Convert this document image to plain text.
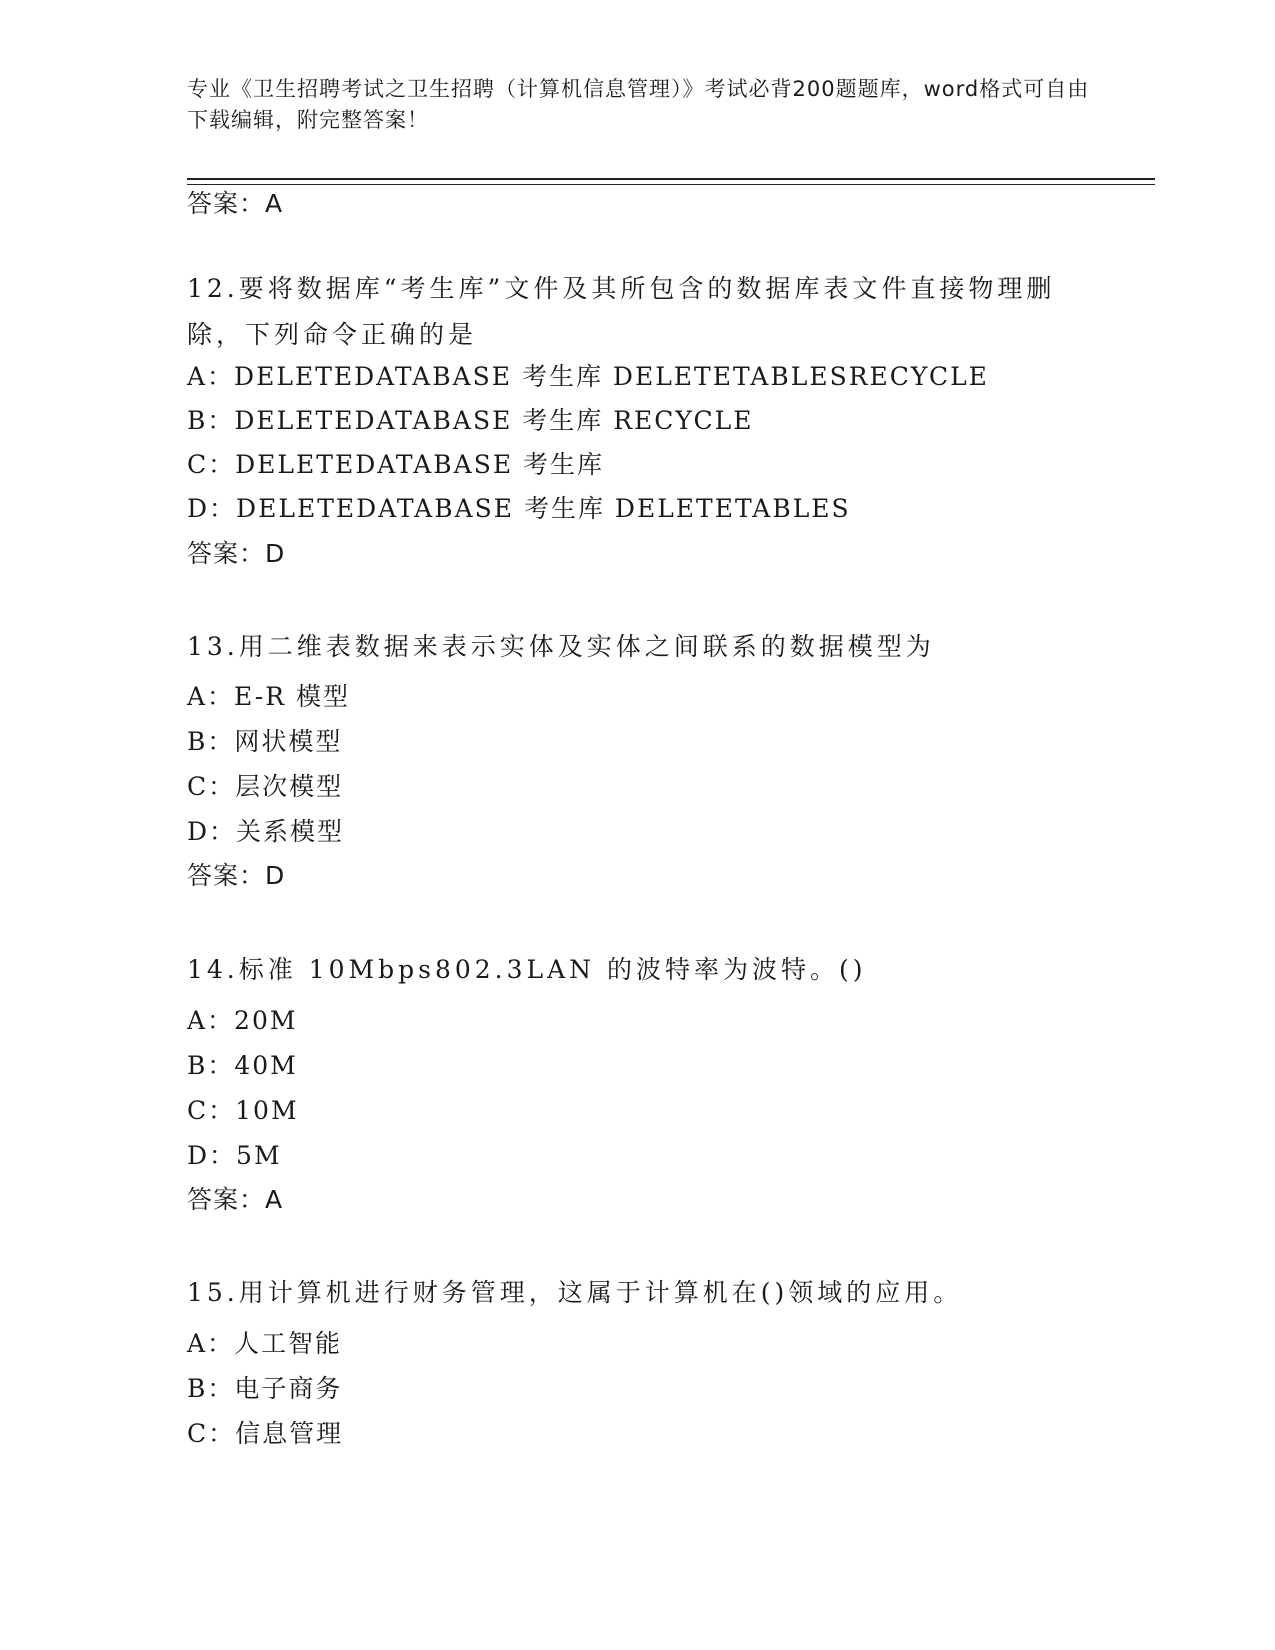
专业《卫生招聘考试之卫生招聘（计算机信息管理）》考试必背200题题库，word格式可自由下载编辑，附完整答案！

答案：A

12.要将数据库“考生库”文件及其所包含的数据库表文件直接物理删除，下列命令正确的是

A：DELETEDATABASE 考生库 DELETETABLESRECYCLE

B：DELETEDATABASE 考生库 RECYCLE

C：DELETEDATABASE 考生库

D：DELETEDATABASE 考生库 DELETETABLES

答案：D

13.用二维表数据来表示实体及实体之间联系的数据模型为

A：E-R 模型

B：网状模型

C：层次模型

D：关系模型

答案：D

14.标准 10Mbps802.3LAN 的波特率为波特。()

A：20M

B：40M

C：10M

D：5M

答案：A

15.用计算机进行财务管理，这属于计算机在()领域的应用。

A：人工智能

B：电子商务

C：信息管理
